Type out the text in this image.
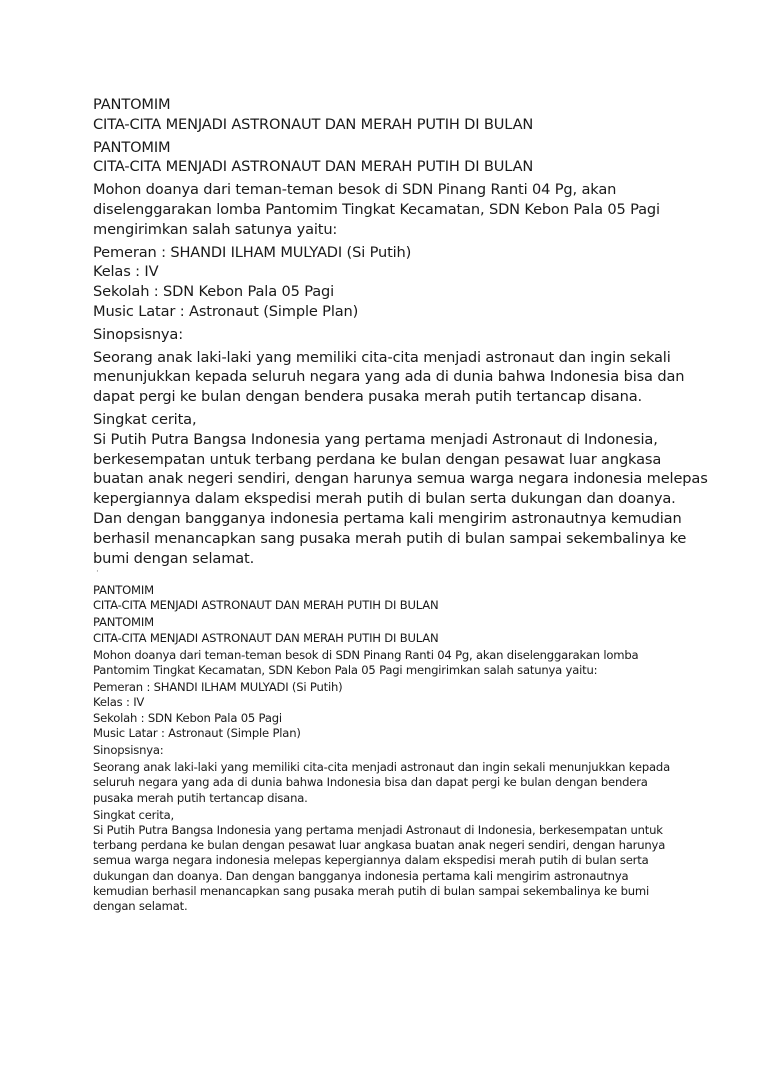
PANTOMIM
CITA-CITA MENJADI ASTRONAUT DAN MERAH PUTIH DI BULAN
PANTOMIM
CITA-CITA MENJADI ASTRONAUT DAN MERAH PUTIH DI BULAN
Mohon doanya dari teman-teman besok di SDN Pinang Ranti 04 Pg, akan
diselenggarakan lomba Pantomim Tingkat Kecamatan, SDN Kebon Pala 05 Pagi
mengirimkan salah satunya yaitu:
Pemeran : SHANDI ILHAM MULYADI (Si Putih)
Kelas : IV
Sekolah : SDN Kebon Pala 05 Pagi
Music Latar : Astronaut (Simple Plan)
Sinopsisnya:
Seorang anak laki-laki yang memiliki cita-cita menjadi astronaut dan ingin sekali
menunjukkan kepada seluruh negara yang ada di dunia bahwa Indonesia bisa dan
dapat pergi ke bulan dengan bendera pusaka merah putih tertancap disana.
Singkat cerita,
Si Putih Putra Bangsa Indonesia yang pertama menjadi Astronaut di Indonesia,
berkesempatan untuk terbang perdana ke bulan dengan pesawat luar angkasa
buatan anak negeri sendiri, dengan harunya semua warga negara indonesia melepas
kepergiannya dalam ekspedisi merah putih di bulan serta dukungan dan doanya.
Dan dengan bangganya indonesia pertama kali mengirim astronautnya kemudian
berhasil menancapkan sang pusaka merah putih di bulan sampai sekembalinya ke
bumi dengan selamat.
·
PANTOMIM
CITA-CITA MENJADI ASTRONAUT DAN MERAH PUTIH DI BULAN
PANTOMIM
CITA-CITA MENJADI ASTRONAUT DAN MERAH PUTIH DI BULAN
Mohon doanya dari teman-teman besok di SDN Pinang Ranti 04 Pg, akan diselenggarakan lomba
Pantomim Tingkat Kecamatan, SDN Kebon Pala 05 Pagi mengirimkan salah satunya yaitu:
Pemeran : SHANDI ILHAM MULYADI (Si Putih)
Kelas : IV
Sekolah : SDN Kebon Pala 05 Pagi
Music Latar : Astronaut (Simple Plan)
Sinopsisnya:
Seorang anak laki-laki yang memiliki cita-cita menjadi astronaut dan ingin sekali menunjukkan kepada
seluruh negara yang ada di dunia bahwa Indonesia bisa dan dapat pergi ke bulan dengan bendera
pusaka merah putih tertancap disana.
Singkat cerita,
Si Putih Putra Bangsa Indonesia yang pertama menjadi Astronaut di Indonesia, berkesempatan untuk
terbang perdana ke bulan dengan pesawat luar angkasa buatan anak negeri sendiri, dengan harunya
semua warga negara indonesia melepas kepergiannya dalam ekspedisi merah putih di bulan serta
dukungan dan doanya. Dan dengan bangganya indonesia pertama kali mengirim astronautnya
kemudian berhasil menancapkan sang pusaka merah putih di bulan sampai sekembalinya ke bumi
dengan selamat.
